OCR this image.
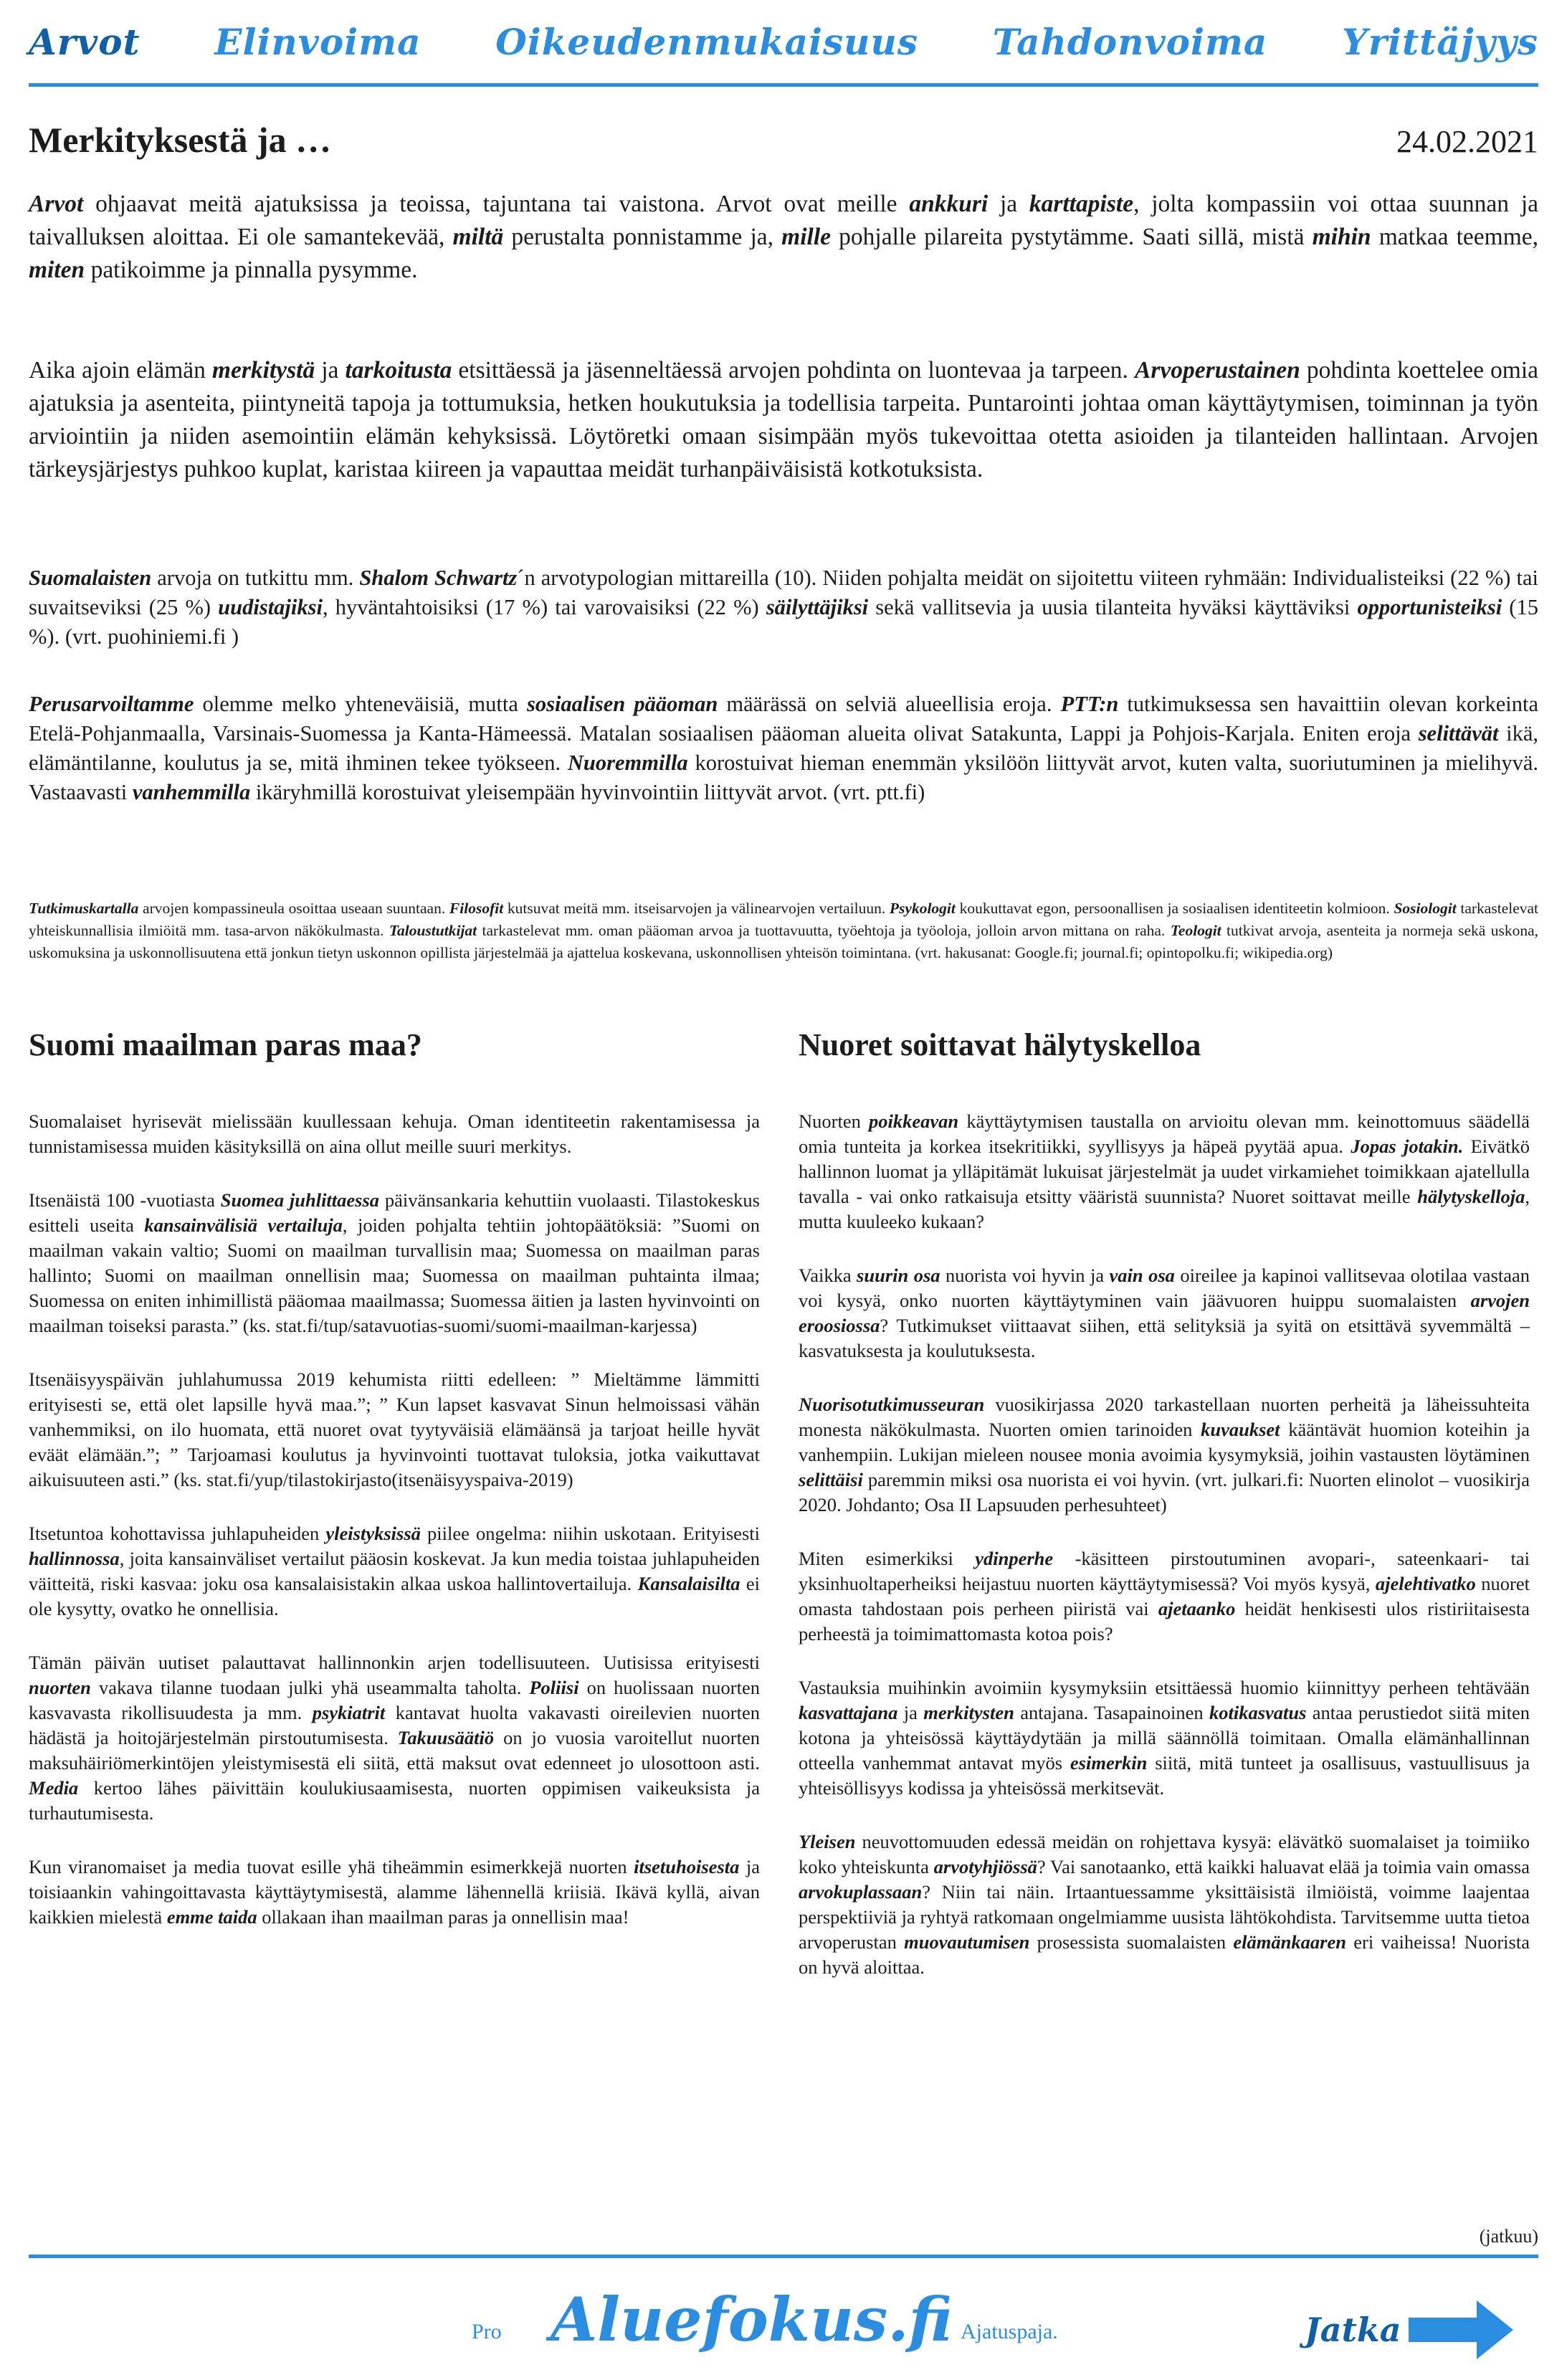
Arvot Elinvoima Oikeudenmukaisuus Tahdonvoima Yrittäjyys
Merkityksestä ja …	24.02.2021

Arvot ohjaavat meitä ajatuksissa ja teoissa, tajuntana tai vaistona. Arvot ovat meille ankkuri ja karttapiste, jolta kompassiin voi ottaa suunnan ja taivalluksen aloittaa. Ei ole samantekevää, miltä perustalta ponnistamme ja, mille pohjalle pilareita pystytämme. Saati sillä, mistä mihin matkaa teemme, miten patikoimme ja pinnalla pysymme.

Aika ajoin elämän merkitystä ja tarkoitusta etsittäessä ja jäsenneltäessä arvojen pohdinta on luontevaa ja tarpeen. Arvoperustainen pohdinta koettelee omia ajatuksia ja asenteita, piintyneitä tapoja ja tottumuksia, hetken houkutuksia ja todellisia tarpeita. Puntarointi johtaa oman käyttäytymisen, toiminnan ja työn arviointiin ja niiden asemointiin elämän kehyksissä. Löytöretki omaan sisimpään myös tukevoittaa otetta asioiden ja tilanteiden hallintaan. Arvojen tärkeysjärjestys puhkoo kuplat, karistaa kiireen ja vapauttaa meidät turhanpäiväisistä kotkotuksista.

Suomalaisten arvoja on tutkittu mm. Shalom Schwartz´n arvotypologian mittareilla (10). Niiden pohjalta meidät on sijoitettu viiteen ryhmään: Individualisteiksi (22 %) tai suvaitseviksi (25 %) uudistajiksi, hyväntahtoisiksi (17 %) tai varovaisiksi (22 %) säilyttäjiksi sekä vallitsevia ja uusia tilanteita hyväksi käyttäviksi opportunisteiksi (15 %). (vrt. puohiniemi.fi )

Perusarvoiltamme olemme melko yhteneväisiä, mutta sosiaalisen pääoman määrässä on selviä alueellisia eroja. PTT:n tutkimuksessa sen havaittiin olevan korkeinta Etelä-Pohjanmaalla, Varsinais-Suomessa ja Kanta-Hämeessä. Matalan sosiaalisen pääoman alueita olivat Satakunta, Lappi ja Pohjois-Karjala. Eniten eroja selittävät ikä, elämäntilanne, koulutus ja se, mitä ihminen tekee työkseen. Nuoremmilla korostuivat hieman enemmän yksilöön liittyvät arvot, kuten valta, suoriutuminen ja mielihyvä. Vastaavasti vanhemmilla ikäryhmillä korostuivat yleisempään hyvinvointiin liittyvät arvot. (vrt. ptt.fi)

Tutkimuskartalla arvojen kompassineula osoittaa useaan suuntaan. Filosofit kutsuvat meitä mm. itseisarvojen ja välinearvojen vertailuun. Psykologit koukuttavat egon, persoonallisen ja sosiaalisen identiteetin kolmioon. Sosiologit tarkastelevat yhteiskunnallisia ilmiöitä mm. tasa-arvon näkökulmasta. Taloustutkijat tarkastelevat mm. oman pääoman arvoa ja tuottavuutta, työehtoja ja työoloja, jolloin arvon mittana on raha. Teologit tutkivat arvoja, asenteita ja normeja sekä uskona, uskomuksina ja uskonnollisuutena että jonkun tietyn uskonnon opillista järjestelmää ja ajattelua koskevana, uskonnollisen yhteisön toimintana. (vrt. hakusanat: Google.fi; journal.fi; opintopolku.fi; wikipedia.org)

Suomi maailman paras maa?

Suomalaiset hyrisevät mielissään kuullessaan kehuja. Oman identiteetin rakentamisessa ja tunnistamisessa muiden käsityksillä on aina ollut meille suuri merkitys.

Itsenäistä 100 -vuotiasta Suomea juhlittaessa päivänsankaria kehuttiin vuolaasti. Tilastokeskus esitteli useita kansainvälisiä vertailuja, joiden pohjalta tehtiin johtopäätöksiä: ”Suomi on maailman vakain valtio; Suomi on maailman turvallisin maa; Suomessa on maailman paras hallinto; Suomi on maailman onnellisin maa; Suomessa on maailman puhtainta ilmaa; Suomessa on eniten inhimillistä pääomaa maailmassa; Suomessa äitien ja lasten hyvinvointi on maailman toiseksi parasta.” (ks. stat.fi/tup/satavuotias-suomi/suomi-maailman-karjessa)

Itsenäisyyspäivän juhlahumussa 2019 kehumista riitti edelleen: ” Mieltämme lämmitti erityisesti se, että olet lapsille hyvä maa.”; ” Kun lapset kasvavat Sinun helmoissasi vähän vanhemmiksi, on ilo huomata, että nuoret ovat tyytyväisiä elämäänsä ja tarjoat heille hyvät eväät elämään.”; ” Tarjoamasi koulutus ja hyvinvointi tuottavat tuloksia, jotka vaikuttavat aikuisuuteen asti.” (ks. stat.fi/yup/tilastokirjasto(itsenäisyyspaiva-2019)

Itsetuntoa kohottavissa juhlapuheiden yleistyksissä piilee ongelma: niihin uskotaan. Erityisesti hallinnossa, joita kansainväliset vertailut pääosin koskevat. Ja kun media toistaa juhlapuheiden väitteitä, riski kasvaa: joku osa kansalaisistakin alkaa uskoa hallintovertailuja. Kansalaisilta ei ole kysytty, ovatko he onnellisia.

Tämän päivän uutiset palauttavat hallinnonkin arjen todellisuuteen. Uutisissa erityisesti nuorten vakava tilanne tuodaan julki yhä useammalta taholta. Poliisi on huolissaan nuorten kasvavasta rikollisuudesta ja mm. psykiatrit kantavat huolta vakavasti oireilevien nuorten hädästä ja hoitojärjestelmän pirstoutumisesta. Takuusäätiö on jo vuosia varoitellut nuorten maksuhäiriömerkintöjen yleistymisestä eli siitä, että maksut ovat edenneet jo ulosottoon asti. Media kertoo lähes päivittäin koulukiusaamisesta, nuorten oppimisen vaikeuksista ja turhautumisesta.

Kun viranomaiset ja media tuovat esille yhä tiheämmin esimerkkejä nuorten itsetuhoisesta ja toisiaankin vahingoittavasta käyttäytymisestä, alamme lähennellä kriisiä. Ikävä kyllä, aivan kaikkien mielestä emme taida ollakaan ihan maailman paras ja onnellisin maa!

Nuoret soittavat hälytyskelloa

Nuorten poikkeavan käyttäytymisen taustalla on arvioitu olevan mm. keinottomuus säädellä omia tunteita ja korkea itsekritiikki, syyllisyys ja häpeä pyytää apua. Jopas jotakin. Eivätkö hallinnon luomat ja ylläpitämät lukuisat järjestelmät ja uudet virkamiehet toimikkaan ajatellulla tavalla - vai onko ratkaisuja etsitty vääristä suunnista? Nuoret soittavat meille hälytyskelloja, mutta kuuleeko kukaan?

Vaikka suurin osa nuorista voi hyvin ja vain osa oireilee ja kapinoi vallitsevaa olotilaa vastaan voi kysyä, onko nuorten käyttäytyminen vain jäävuoren huippu suomalaisten arvojen eroosiossa? Tutkimukset viittaavat siihen, että selityksiä ja syitä on etsittävä syvemmältä – kasvatuksesta ja koulutuksesta.

Nuorisotutkimusseuran vuosikirjassa 2020 tarkastellaan nuorten perheitä ja läheissuhteita monesta näkökulmasta. Nuorten omien tarinoiden kuvaukset kääntävät huomion koteihin ja vanhempiin. Lukijan mieleen nousee monia avoimia kysymyksiä, joihin vastausten löytäminen selittäisi paremmin miksi osa nuorista ei voi hyvin. (vrt. julkari.fi: Nuorten elinolot – vuosikirja 2020. Johdanto; Osa II Lapsuuden perhesuhteet)

Miten esimerkiksi ydinperhe -käsitteen pirstoutuminen avopari-, sateenkaari- tai yksinhuoltaperheiksi heijastuu nuorten käyttäytymisessä? Voi myös kysyä, ajelehtivatko nuoret omasta tahdostaan pois perheen piiristä vai ajetaanko heidät henkisesti ulos ristiriitaisesta perheestä ja toimimattomasta kotoa pois?

Vastauksia muihinkin avoimiin kysymyksiin etsittäessä huomio kiinnittyy perheen tehtävään kasvattajana ja merkitysten antajana. Tasapainoinen kotikasvatus antaa perustiedot siitä miten kotona ja yhteisössä käyttäydytään ja millä säännöllä toimitaan. Omalla elämänhallinnan otteella vanhemmat antavat myös esimerkin siitä, mitä tunteet ja osallisuus, vastuullisuus ja yhteisöllisyys kodissa ja yhteisössä merkitsevät.

Yleisen neuvottomuuden edessä meidän on rohjettava kysyä: elävätkö suomalaiset ja toimiiko koko yhteiskunta arvotyhjiössä? Vai sanotaanko, että kaikki haluavat elää ja toimia vain omassa arvokuplassaan? Niin tai näin. Irtaantuessamme yksittäisistä ilmiöistä, voimme laajentaa perspektiiviä ja ryhtyä ratkomaan ongelmiamme uusista lähtökohdista. Tarvitsemme uutta tietoa arvoperustan muovautumisen prosessista suomalaisten elämänkaaren eri vaiheissa! Nuorista on hyvä aloittaa.

(jatkuu)
Pro Aluefokus.fi Ajatuspaja.	Jatka
